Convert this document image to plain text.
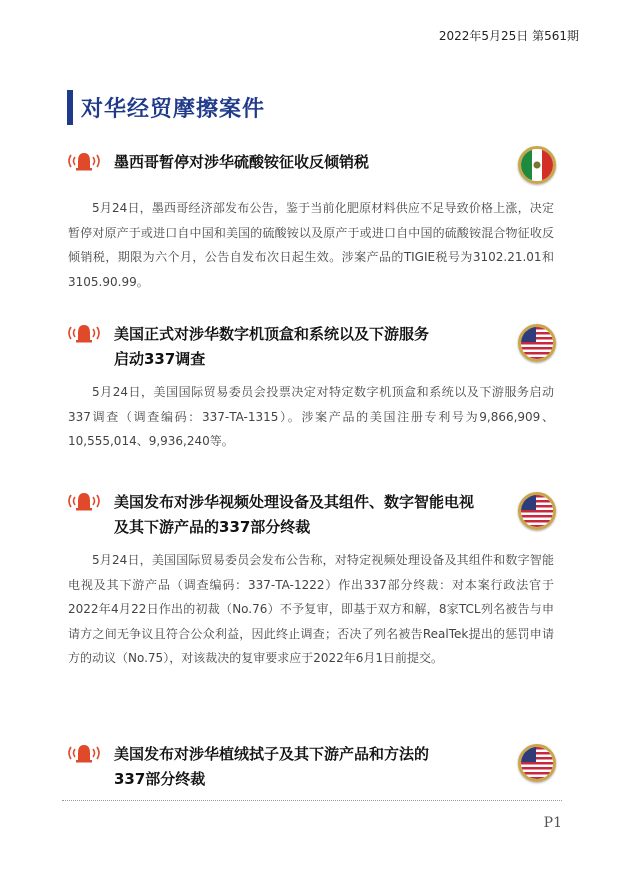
2022年5月25日 第561期
对华经贸摩擦案件
墨西哥暂停对涉华硫酸铵征收反倾销税
5月24日，墨西哥经济部发布公告，鉴于当前化肥原材料供应不足导致价格上涨，决定暂停对原产于或进口自中国和美国的硫酸铵以及原产于或进口自中国的硫酸铵混合物征收反倾销税，期限为六个月，公告自发布次日起生效。涉案产品的TIGIE税号为3102.21.01和3105.90.99。
美国正式对涉华数字机顶盒和系统以及下游服务
启动337调查
5月24日，美国国际贸易委员会投票决定对特定数字机顶盒和系统以及下游服务启动337调查（调查编码：337-TA-1315）。涉案产品的美国注册专利号为9,866,909、10,555,014、9,936,240等。
美国发布对涉华视频处理设备及其组件、数字智能电视
及其下游产品的337部分终裁
5月24日，美国国际贸易委员会发布公告称，对特定视频处理设备及其组件和数字智能电视及其下游产品（调查编码：337-TA-1222）作出337部分终裁：对本案行政法官于2022年4月22日作出的初裁（No.76）不予复审，即基于双方和解，8家TCL列名被告与申请方之间无争议且符合公众利益，因此终止调查；否决了列名被告RealTek提出的惩罚申请方的动议（No.75），对该裁决的复审要求应于2022年6月1日前提交。
美国发布对涉华植绒拭子及其下游产品和方法的
337部分终裁
P1
